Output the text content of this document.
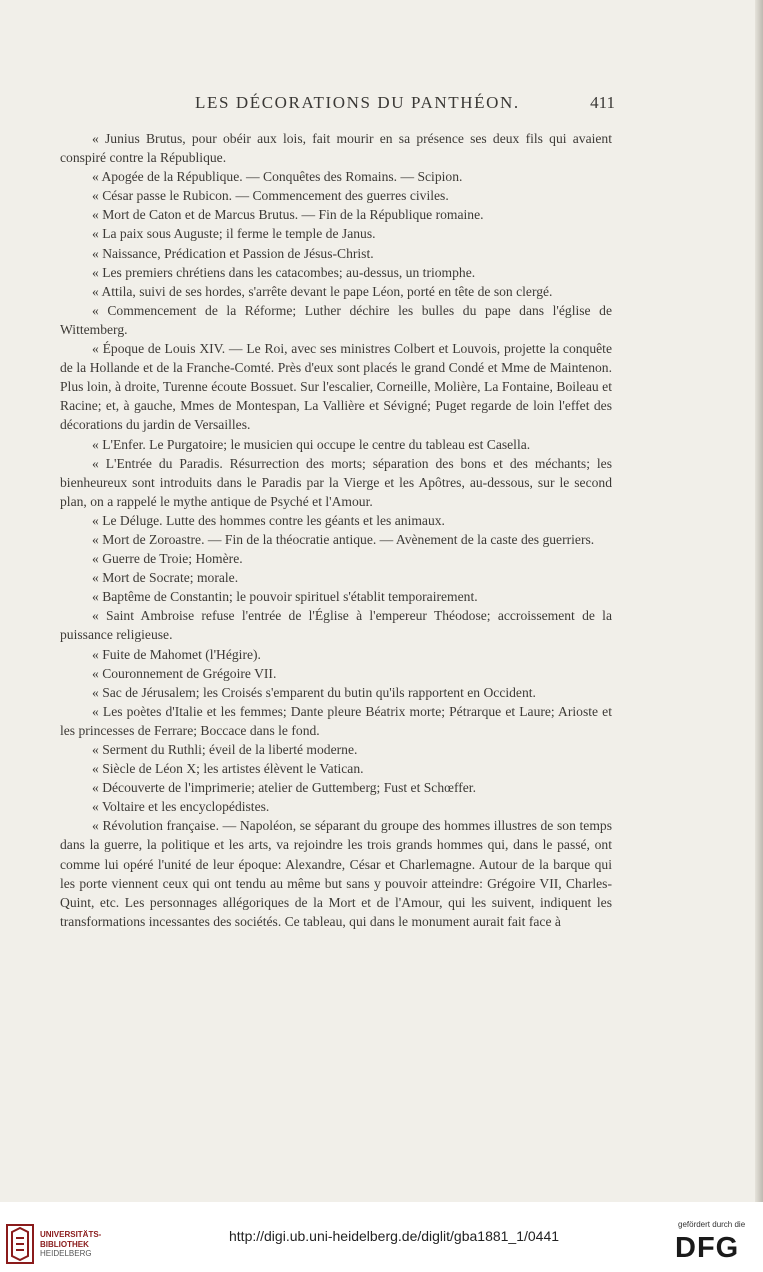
LES DÉCORATIONS DU PANTHÉON.	411

« Junius Brutus, pour obéir aux lois, fait mourir en sa présence ses deux fils qui avaient conspiré contre la République.

« Apogée de la République. — Conquêtes des Romains. — Scipion.

« César passe le Rubicon. — Commencement des guerres civiles.

« Mort de Caton et de Marcus Brutus. — Fin de la République romaine.

« La paix sous Auguste; il ferme le temple de Janus.

« Naissance, Prédication et Passion de Jésus-Christ.

« Les premiers chrétiens dans les catacombes; au-dessus, un triomphe.

« Attila, suivi de ses hordes, s'arrête devant le pape Léon, porté en tête de son clergé.

« Commencement de la Réforme; Luther déchire les bulles du pape dans l'église de Wittemberg.

« Époque de Louis XIV. — Le Roi, avec ses ministres Colbert et Louvois, projette la conquête de la Hollande et de la Franche-Comté. Près d'eux sont placés le grand Condé et Mme de Maintenon. Plus loin, à droite, Turenne écoute Bossuet. Sur l'escalier, Corneille, Molière, La Fontaine, Boileau et Racine; et, à gauche, Mmes de Montespan, La Vallière et Sévigné; Puget regarde de loin l'effet des décorations du jardin de Versailles.

« L'Enfer. Le Purgatoire; le musicien qui occupe le centre du tableau est Casella.

« L'Entrée du Paradis. Résurrection des morts; séparation des bons et des méchants; les bienheureux sont introduits dans le Paradis par la Vierge et les Apôtres, au-dessous, sur le second plan, on a rappelé le mythe antique de Psyché et l'Amour.

« Le Déluge. Lutte des hommes contre les géants et les animaux.

« Mort de Zoroastre. — Fin de la théocratie antique. — Avènement de la caste des guerriers.

« Guerre de Troie; Homère.

« Mort de Socrate; morale.

« Baptême de Constantin; le pouvoir spirituel s'établit temporairement.

« Saint Ambroise refuse l'entrée de l'Église à l'empereur Théodose; accroissement de la puissance religieuse.

« Fuite de Mahomet (l'Hégire).

« Couronnement de Grégoire VII.

« Sac de Jérusalem; les Croisés s'emparent du butin qu'ils rapportent en Occident.

« Les poètes d'Italie et les femmes; Dante pleure Béatrix morte; Pétrarque et Laure; Arioste et les princesses de Ferrare; Boccace dans le fond.

« Serment du Ruthli; éveil de la liberté moderne.

« Siècle de Léon X; les artistes élèvent le Vatican.

« Découverte de l'imprimerie; atelier de Guttemberg; Fust et Schœffer.

« Voltaire et les encyclopédistes.

« Révolution française. — Napoléon, se séparant du groupe des hommes illustres de son temps dans la guerre, la politique et les arts, va rejoindre les trois grands hommes qui, dans le passé, ont comme lui opéré l'unité de leur époque: Alexandre, César et Charlemagne. Autour de la barque qui les porte viennent ceux qui ont tendu au même but sans y pouvoir atteindre: Grégoire VII, Charles-Quint, etc. Les personnages allégoriques de la Mort et de l'Amour, qui les suivent, indiquent les transformations incessantes des sociétés. Ce tableau, qui dans le monument aurait fait face à

UNIVERSITÄTS-
BIBLIOTHEK
HEIDELBERG
http://digi.ub.uni-heidelberg.de/diglit/gba1881_1/0441
gefördert durch die
DFG
